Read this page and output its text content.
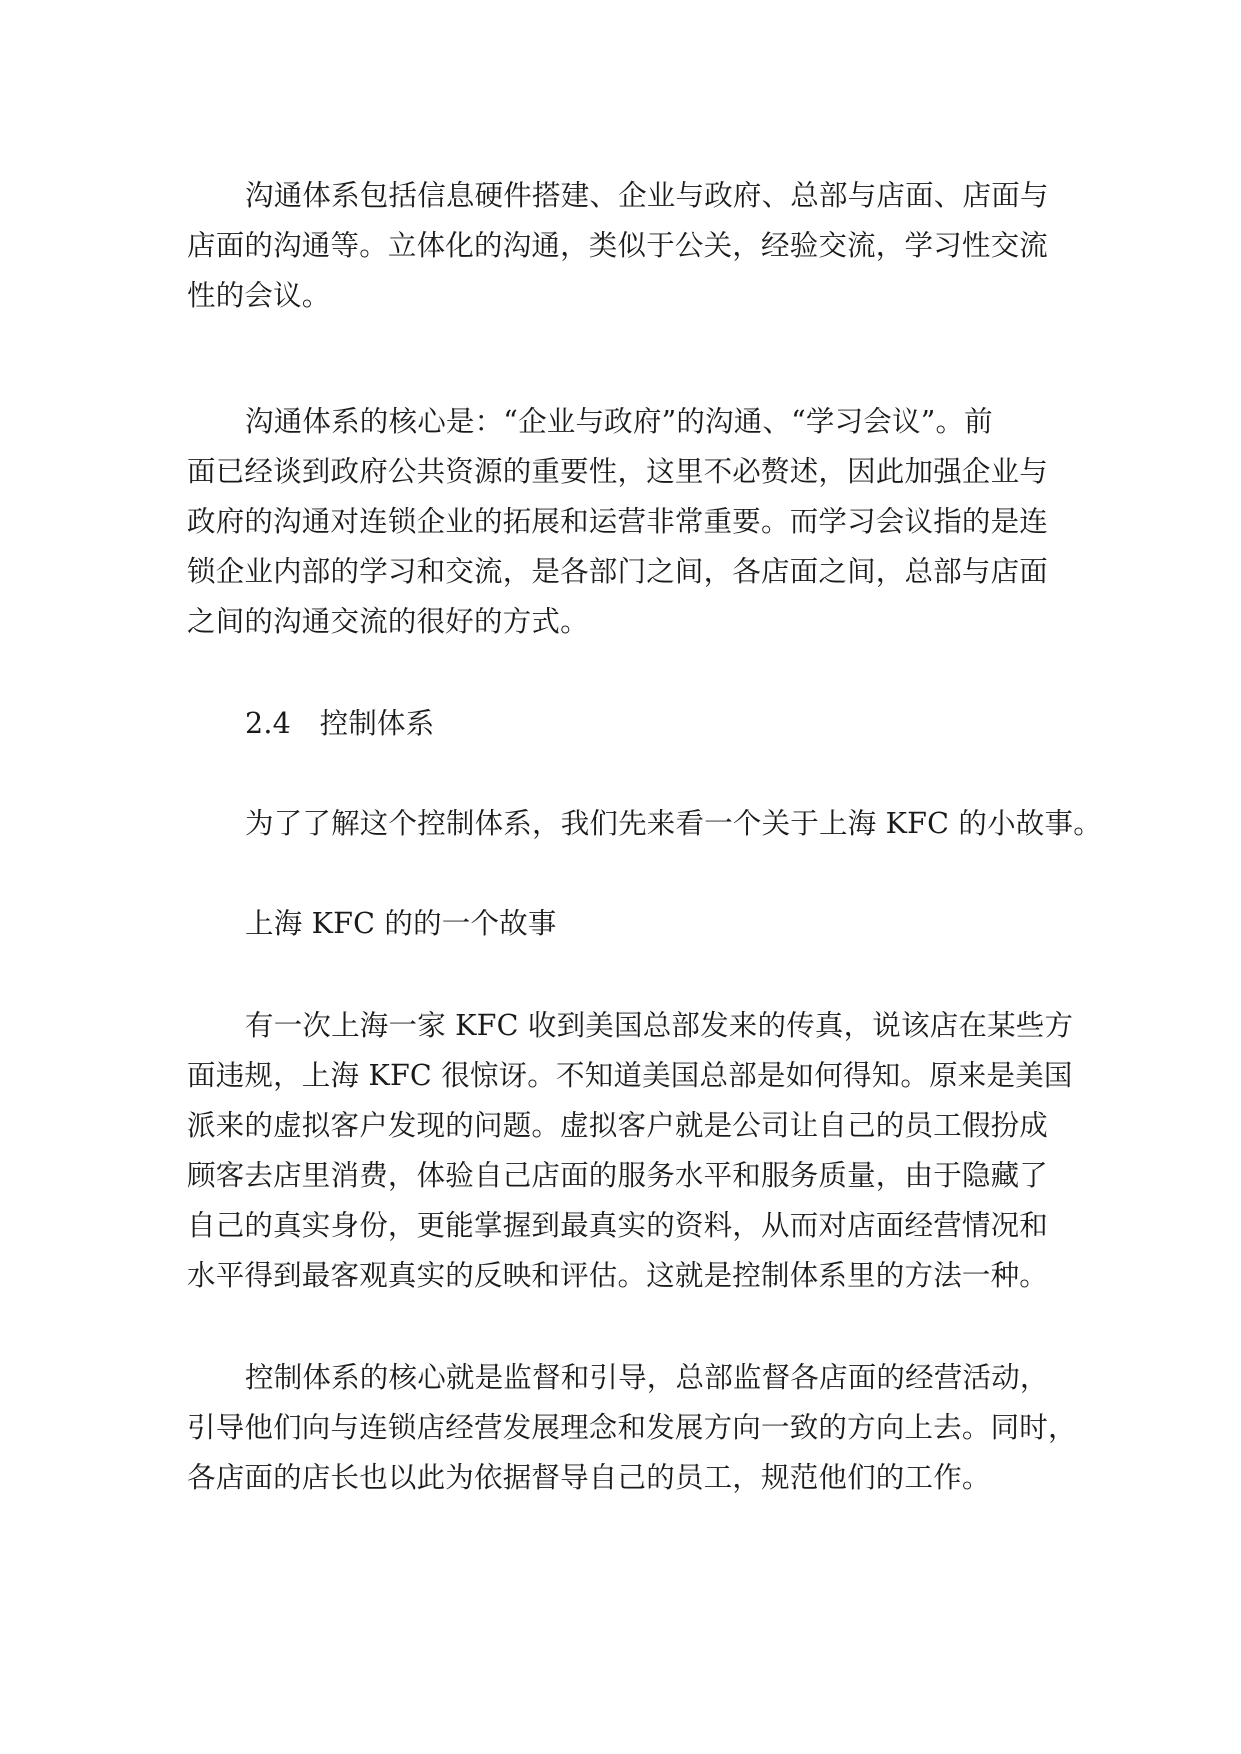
沟通体系包括信息硬件搭建、企业与政府、总部与店面、店面与
店面的沟通等。立体化的沟通，类似于公关，经验交流，学习性交流
性的会议。
沟通体系的核心是：“企业与政府”的沟通、“学习会议”。前
面已经谈到政府公共资源的重要性，这里不必赘述，因此加强企业与
政府的沟通对连锁企业的拓展和运营非常重要。而学习会议指的是连
锁企业内部的学习和交流，是各部门之间，各店面之间，总部与店面
之间的沟通交流的很好的方式。
2.4　控制体系
为了了解这个控制体系，我们先来看一个关于上海 KFC 的小故事。
上海 KFC 的的一个故事
有一次上海一家 KFC 收到美国总部发来的传真，说该店在某些方
面违规，上海 KFC 很惊讶。不知道美国总部是如何得知。原来是美国
派来的虚拟客户发现的问题。虚拟客户就是公司让自己的员工假扮成
顾客去店里消费，体验自己店面的服务水平和服务质量，由于隐藏了
自己的真实身份，更能掌握到最真实的资料，从而对店面经营情况和
水平得到最客观真实的反映和评估。这就是控制体系里的方法一种。
控制体系的核心就是监督和引导，总部监督各店面的经营活动，
引导他们向与连锁店经营发展理念和发展方向一致的方向上去。同时，
各店面的店长也以此为依据督导自己的员工，规范他们的工作。
